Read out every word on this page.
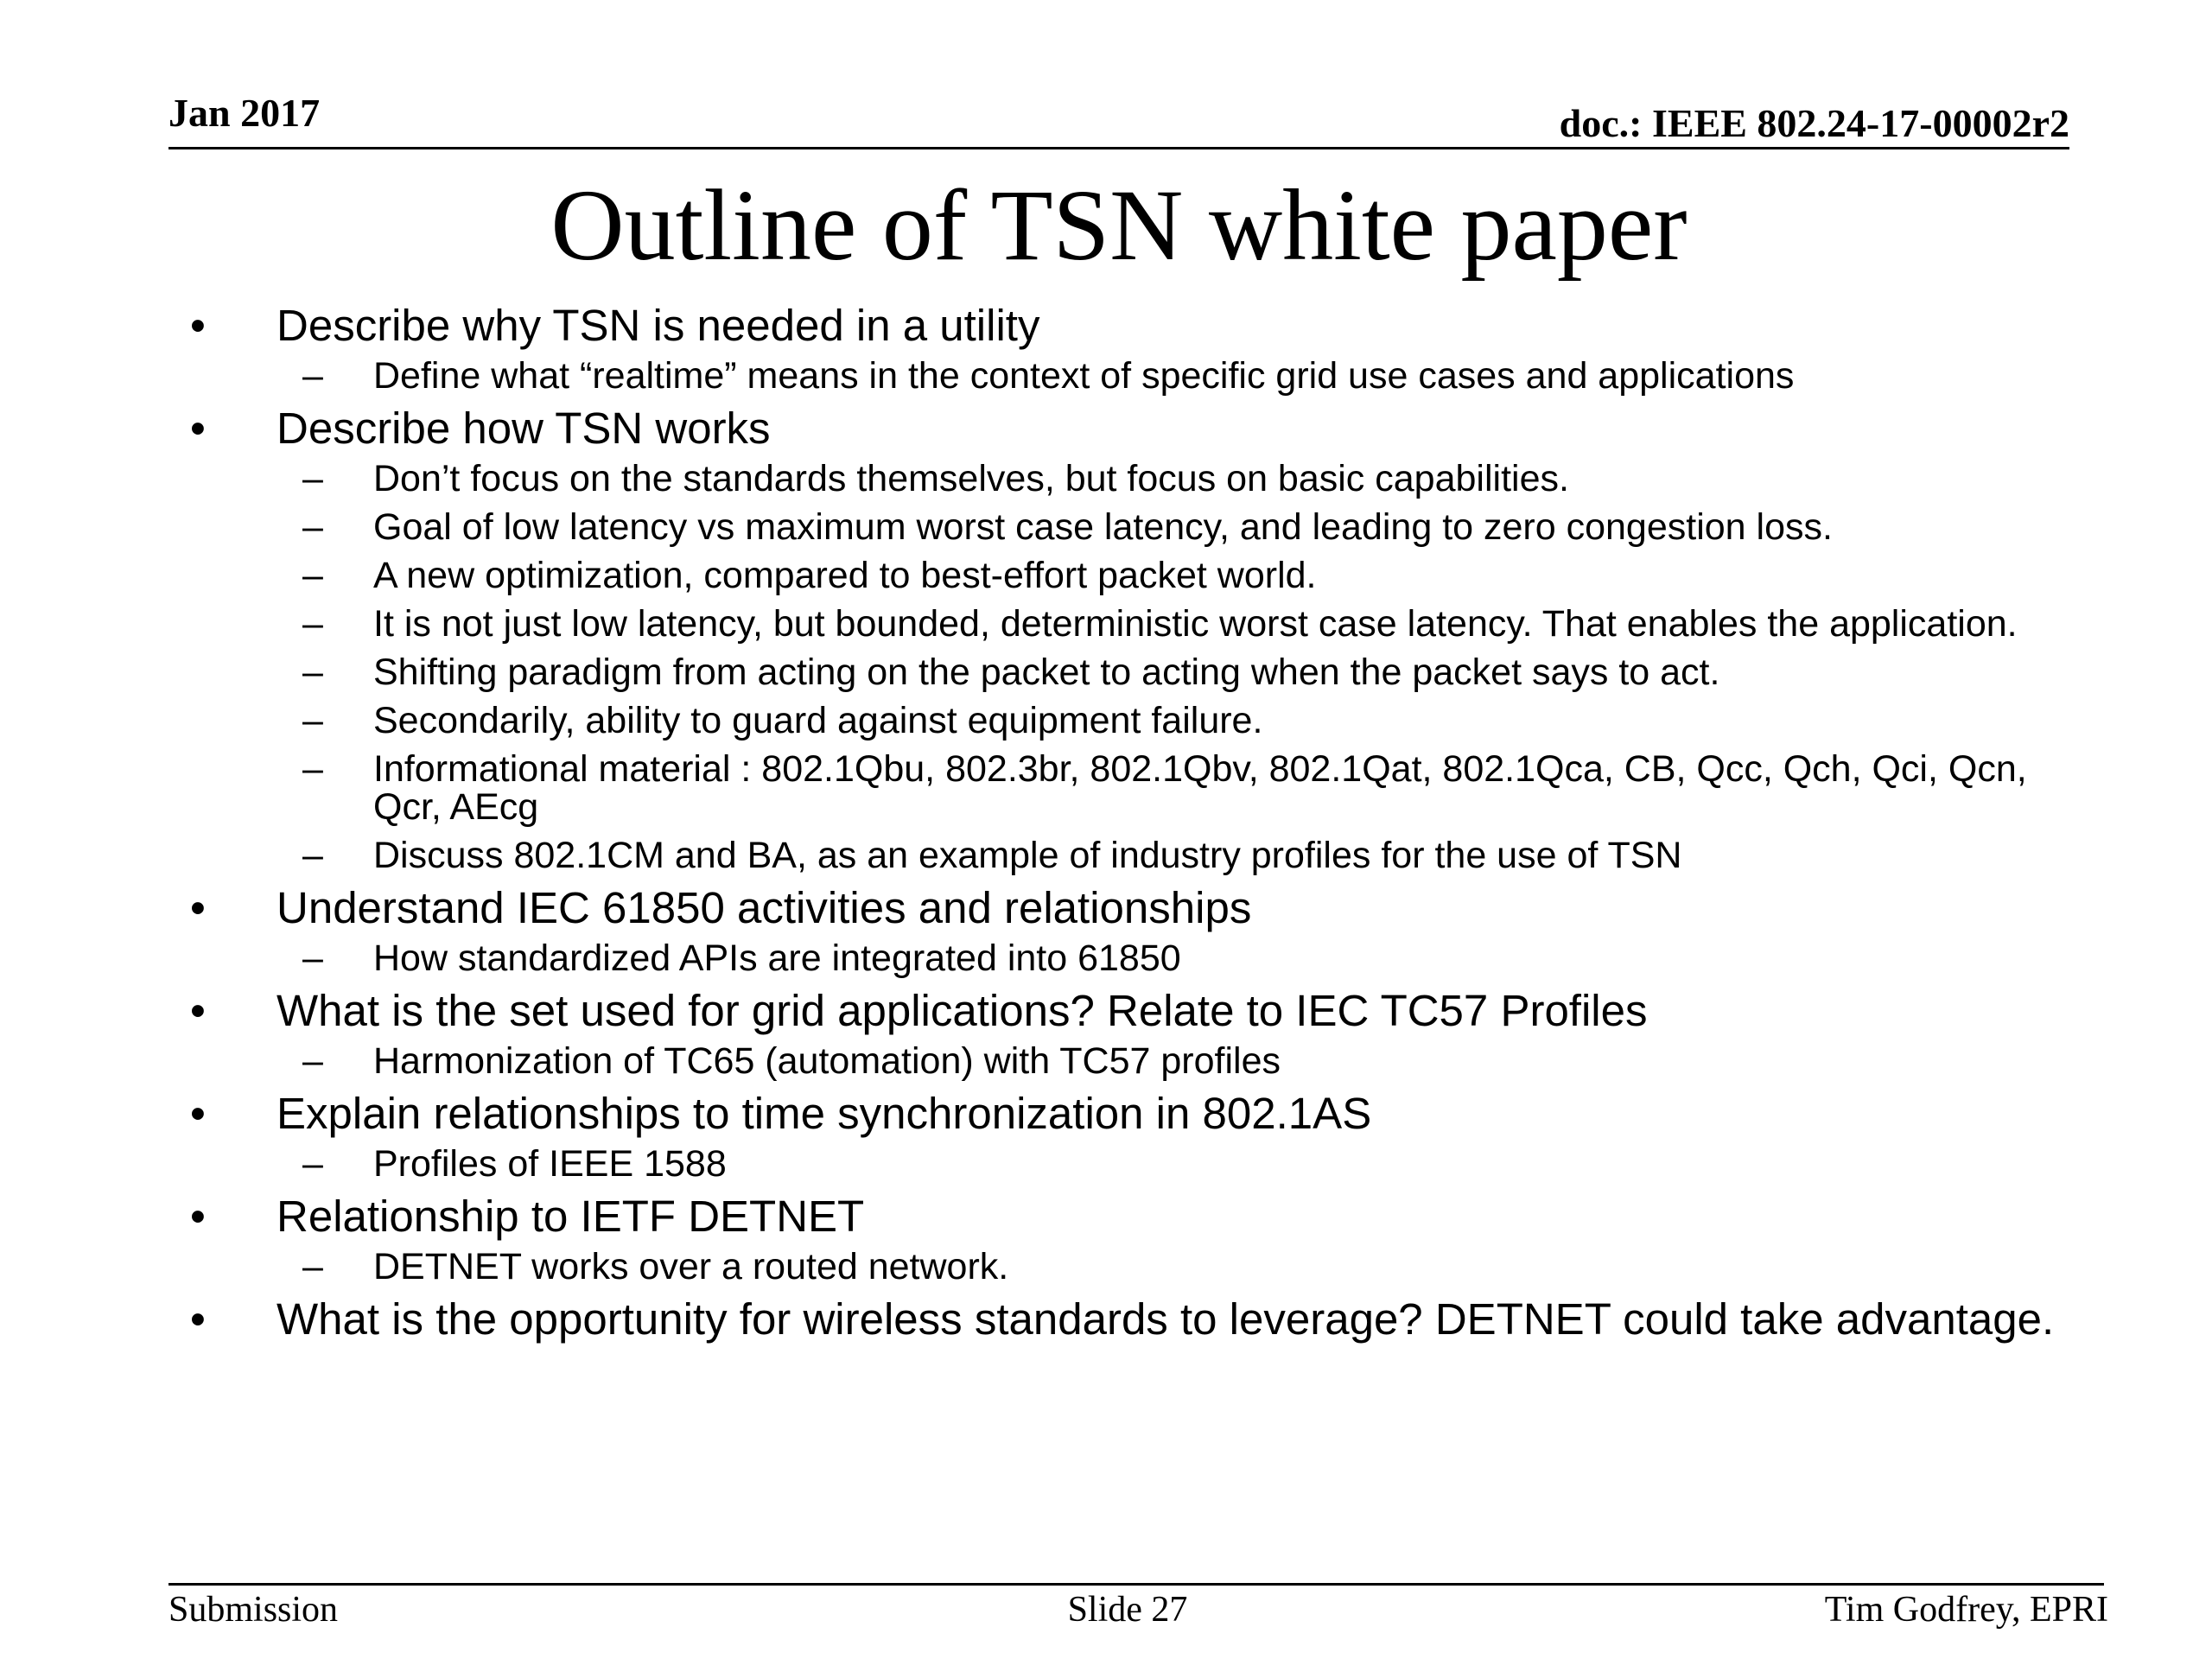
Jan 2017	doc.: IEEE 802.24-17-00002r2
Outline of TSN white paper
• Describe why TSN is needed in a utility
– Define what “realtime” means in the context of specific grid use cases and applications
• Describe how TSN works
– Don’t focus on the standards themselves, but focus on basic capabilities.
– Goal of low latency vs maximum worst case latency, and leading to zero congestion loss.
– A new optimization, compared to best-effort packet world.
– It is not just low latency, but bounded, deterministic worst case latency. That enables the application.
– Shifting paradigm from acting on the packet to acting when the packet says to act.
– Secondarily, ability to guard against equipment failure.
– Informational material : 802.1Qbu, 802.3br, 802.1Qbv, 802.1Qat, 802.1Qca, CB, Qcc, Qch, Qci, Qcn, Qcr, AEcg
– Discuss 802.1CM and BA, as an example of industry profiles for the use of TSN
• Understand IEC 61850 activities and relationships
– How standardized APIs are integrated into 61850
• What is the set used for grid applications? Relate to IEC TC57 Profiles
– Harmonization of TC65 (automation) with TC57 profiles
• Explain relationships to time synchronization in 802.1AS
– Profiles of IEEE 1588
• Relationship to IETF DETNET
– DETNET works over a routed network.
• What is the opportunity for wireless standards to leverage? DETNET could take advantage.
Submission	Slide 27	Tim Godfrey, EPRI
